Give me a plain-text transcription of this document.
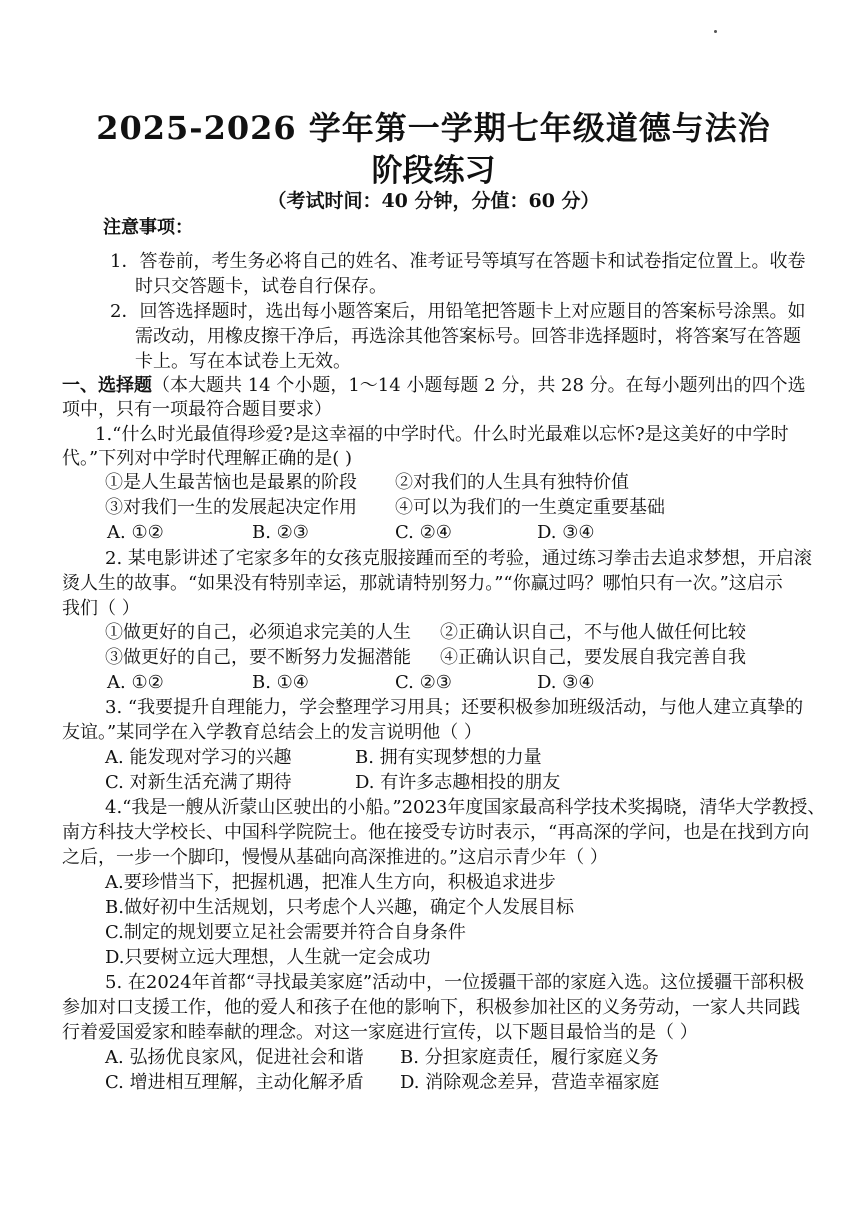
2025-2026 学年第一学期七年级道德与法治
阶段练习
（考试时间：40 分钟，分值：60 分）
注意事项：
1．答卷前，考生务必将自己的姓名、准考证号等填写在答题卡和试卷指定位置上。收卷
时只交答题卡，试卷自行保存。
2．回答选择题时，选出每小题答案后，用铅笔把答题卡上对应题目的答案标号涂黑。如
需改动，用橡皮擦干净后，再选涂其他答案标号。回答非选择题时，将答案写在答题
卡上。写在本试卷上无效。
一、选择题（本大题共 14 个小题，1～14 小题每题 2 分，共 28 分。在每小题列出的四个选
项中，只有一项最符合题目要求）
1.“什么时光最值得珍爱?是这幸福的中学时代。什么时光最难以忘怀?是这美好的中学时
代。”下列对中学时代理解正确的是( )
①是人生最苦恼也是最累的阶段 ②对我们的人生具有独特价值
③对我们一生的发展起决定作用 ④可以为我们的一生奠定重要基础
A. ①②	B. ②③	C. ②④	D. ③④
2. 某电影讲述了宅家多年的女孩克服接踵而至的考验，通过练习拳击去追求梦想，开启滚
烫人生的故事。“如果没有特别幸运，那就请特别努力。”“你赢过吗？哪怕只有一次。”这启示
我们（ ）
①做更好的自己，必须追求完美的人生 ②正确认识自己，不与他人做任何比较
③做更好的自己，要不断努力发掘潜能 ④正确认识自己，要发展自我完善自我
A. ①②	B. ①④	C. ②③	D. ③④
3. “我要提升自理能力，学会整理学习用具；还要积极参加班级活动，与他人建立真挚的
友谊。”某同学在入学教育总结会上的发言说明他（ ）
A. 能发现对学习的兴趣	B. 拥有实现梦想的力量
C. 对新生活充满了期待	D. 有许多志趣相投的朋友
4.“我是一艘从沂蒙山区驶出的小船。”2023年度国家最高科学技术奖揭晓，清华大学教授、
南方科技大学校长、中国科学院院士。他在接受专访时表示，“再高深的学问，也是在找到方向
之后，一步一个脚印，慢慢从基础向高深推进的。”这启示青少年（ ）
A.要珍惜当下，把握机遇，把准人生方向，积极追求进步
B.做好初中生活规划，只考虑个人兴趣，确定个人发展目标
C.制定的规划要立足社会需要并符合自身条件
D.只要树立远大理想，人生就一定会成功
5. 在2024年首都“寻找最美家庭”活动中，一位援疆干部的家庭入选。这位援疆干部积极
参加对口支援工作，他的爱人和孩子在他的影响下，积极参加社区的义务劳动，一家人共同践
行着爱国爱家和睦奉献的理念。对这一家庭进行宣传，以下题目最恰当的是（ ）
A. 弘扬优良家风，促进社会和谐 B. 分担家庭责任，履行家庭义务
C. 增进相互理解，主动化解矛盾 D. 消除观念差异，营造幸福家庭
